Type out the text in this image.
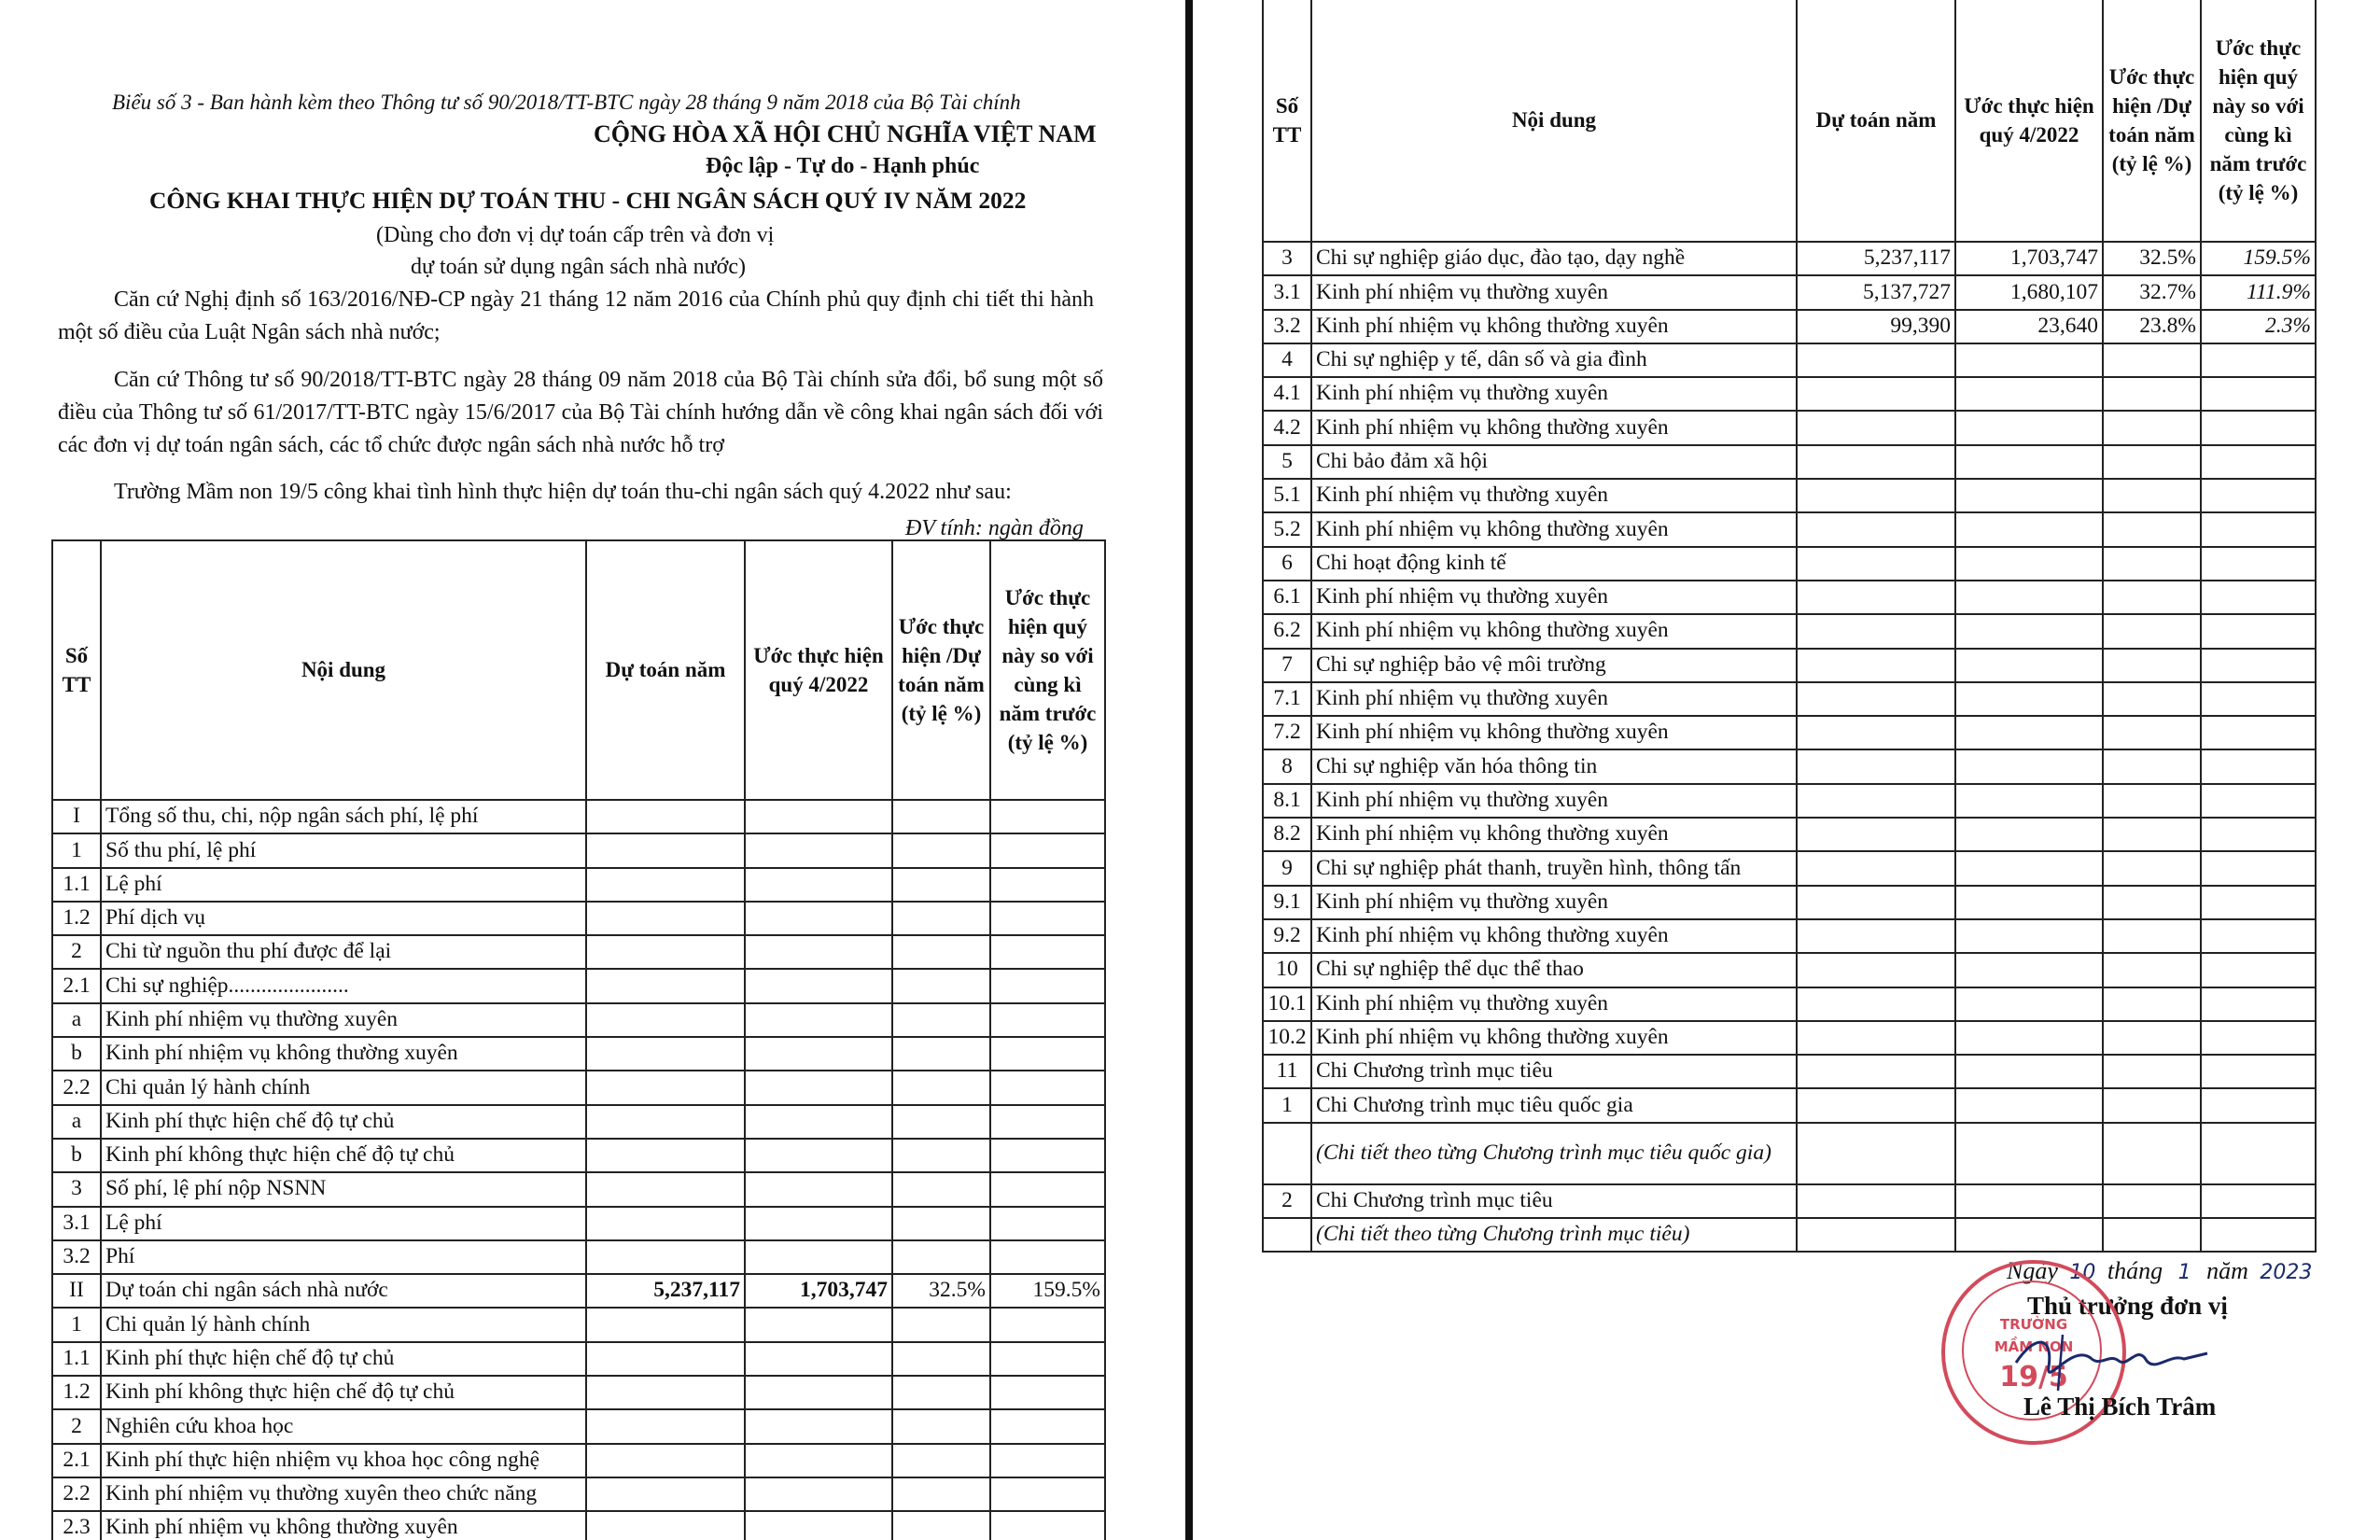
Biểu số 3 - Ban hành kèm theo Thông tư số 90/2018/TT-BTC ngày 28 tháng 9 năm 2018 của Bộ Tài chính
CỘNG HÒA XÃ HỘI CHỦ NGHĨA VIỆT NAM
Độc lập - Tự do - Hạnh phúc
CÔNG KHAI THỰC HIỆN DỰ TOÁN THU - CHI NGÂN SÁCH QUÝ IV NĂM 2022
(Dùng cho đơn vị dự toán cấp trên và đơn vị
dự toán sử dụng ngân sách nhà nước)
Căn cứ Nghị định số 163/2016/NĐ-CP ngày 21 tháng 12 năm 2016 của Chính phủ quy định chi tiết thi hành một số điều của Luật Ngân sách nhà nước;
Căn cứ Thông tư số 90/2018/TT-BTC ngày 28 tháng 09 năm 2018 của Bộ Tài chính sửa đổi, bổ sung một số điều của Thông tư số 61/2017/TT-BTC ngày 15/6/2017 của Bộ Tài chính hướng dẫn về công khai ngân sách đối với các đơn vị dự toán ngân sách, các tổ chức được ngân sách nhà nước hỗ trợ
Trường Mầm non 19/5 công khai tình hình thực hiện dự toán thu-chi ngân sách quý 4.2022 như sau:
ĐV tính: ngàn đồng
Số TT	Nội dung	Dự toán năm	Ước thực hiện quý 4/2022	Ước thực hiện /Dự toán năm (tỷ lệ %)	Ước thực hiện quý này so với cùng kì năm trước (tỷ lệ %)
I	Tổng số thu, chi, nộp ngân sách phí, lệ phí				
1	Số thu phí, lệ phí				
1.1	Lệ phí				
1.2	Phí dịch vụ				
2	Chi từ nguồn thu phí được để lại				
2.1	Chi sự nghiệp......................				
a	Kinh phí nhiệm vụ thường xuyên				
b	Kinh phí nhiệm vụ không thường xuyên				
2.2	Chi quản lý hành chính				
a	Kinh phí thực hiện chế độ tự chủ				
b	Kinh phí không thực hiện chế độ tự chủ				
3	Số phí, lệ phí nộp NSNN				
3.1	Lệ phí				
3.2	Phí				
II	Dự toán chi ngân sách nhà nước	5,237,117	1,703,747	32.5%	159.5%
1	Chi quản lý hành chính				
1.1	Kinh phí thực hiện chế độ tự chủ				
1.2	Kinh phí không thực hiện chế độ tự chủ				
2	Nghiên cứu khoa học				
2.1	Kinh phí thực hiện nhiệm vụ khoa học công nghệ				
2.2	Kinh phí nhiệm vụ thường xuyên theo chức năng				
2.3	Kinh phí nhiệm vụ không thường xuyên				
Số TT	Nội dung	Dự toán năm	Ước thực hiện quý 4/2022	Ước thực hiện /Dự toán năm (tỷ lệ %)	Ước thực hiện quý này so với cùng kì năm trước (tỷ lệ %)
3	Chi sự nghiệp giáo dục, đào tạo, dạy nghề	5,237,117	1,703,747	32.5%	159.5%
3.1	Kinh phí nhiệm vụ thường xuyên	5,137,727	1,680,107	32.7%	111.9%
3.2	Kinh phí nhiệm vụ không thường xuyên	99,390	23,640	23.8%	2.3%
4	Chi sự nghiệp y tế, dân số và gia đình				
4.1	Kinh phí nhiệm vụ thường xuyên				
4.2	Kinh phí nhiệm vụ không thường xuyên				
5	Chi bảo đảm xã hội				
5.1	Kinh phí nhiệm vụ thường xuyên				
5.2	Kinh phí nhiệm vụ không thường xuyên				
6	Chi hoạt động kinh tế				
6.1	Kinh phí nhiệm vụ thường xuyên				
6.2	Kinh phí nhiệm vụ không thường xuyên				
7	Chi sự nghiệp bảo vệ môi trường				
7.1	Kinh phí nhiệm vụ thường xuyên				
7.2	Kinh phí nhiệm vụ không thường xuyên				
8	Chi sự nghiệp văn hóa thông tin				
8.1	Kinh phí nhiệm vụ thường xuyên				
8.2	Kinh phí nhiệm vụ không thường xuyên				
9	Chi sự nghiệp phát thanh, truyền hình, thông tấn				
9.1	Kinh phí nhiệm vụ thường xuyên				
9.2	Kinh phí nhiệm vụ không thường xuyên				
10	Chi sự nghiệp thể dục thể thao				
10.1	Kinh phí nhiệm vụ thường xuyên				
10.2	Kinh phí nhiệm vụ không thường xuyên				
11	Chi Chương trình mục tiêu				
1	Chi Chương trình mục tiêu quốc gia				
	(Chi tiết theo từng Chương trình mục tiêu quốc gia)				
2	Chi Chương trình mục tiêu				
	(Chi tiết theo từng Chương trình mục tiêu)				
Ngày 10 tháng 1 năm 2023
Thủ trưởng đơn vị
TRƯỜNG
MẦM NON
19/5
Lê Thị Bích Trâm
